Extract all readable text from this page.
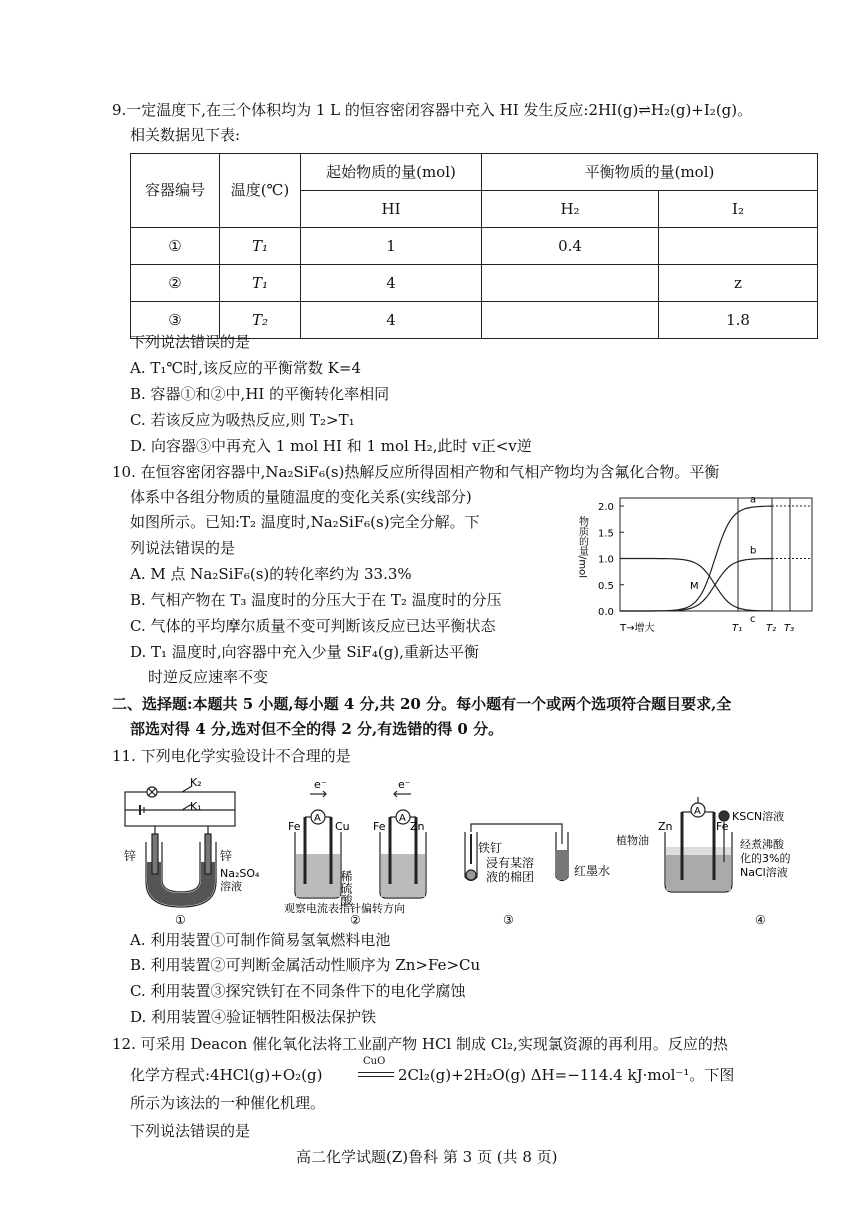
9.一定温度下,在三个体积均为 1 L 的恒容密闭容器中充入 HI 发生反应:2HI(g)⇌H₂(g)+I₂(g)。
相关数据见下表:
容器编号	温度(℃)	起始物质的量(mol)	平衡物质的量(mol)	
		HI	H₂	I₂
①	T₁	1	0.4	
②	T₁	4		z
③	T₂	4		1.8
下列说法错误的是
A. T₁℃时,该反应的平衡常数 K=4
B. 容器①和②中,HI 的平衡转化率相同
C. 若该反应为吸热反应,则 T₂>T₁
D. 向容器③中再充入 1 mol HI 和 1 mol H₂,此时 v正<v逆
10. 在恒容密闭容器中,Na₂SiF₆(s)热解反应所得固相产物和气相产物均为含氟化合物。平衡
体系中各组分物质的量随温度的变化关系(实线部分)
如图所示。已知:T₂ 温度时,Na₂SiF₆(s)完全分解。下
列说法错误的是
A. M 点 Na₂SiF₆(s)的转化率约为 33.3%
B. 气相产物在 T₃ 温度时的分压大于在 T₂ 温度时的分压
C. 气体的平均摩尔质量不变可判断该反应已达平衡状态
D. T₁ 温度时,向容器中充入少量 SiF₄(g),重新达平衡
时逆反应速率不变
0.0
0.5
1.0
1.5
2.0
物质的量/mol
T₁ T₂ T₃
T→增大
a
b
c
M
二、选择题:本题共 5 小题,每小题 4 分,共 20 分。每小题有一个或两个选项符合题目要求,全
部选对得 4 分,选对但不全的得 2 分,有选错的得 0 分。
11. 下列电化学实验设计不合理的是
K₂
K₁
锌	锌
Na₂SO₄
溶液
①
A	A
e⁻	e⁻
Fe	Cu Fe Zn
稀硫酸
观察电流表指针偏转方向
②
铁钉
浸有某溶
液的棉团	红墨水
③
A
Zn	Fe
KSCN溶液
植物油	经煮沸酸
化的3%的
NaCl溶液
④
A. 利用装置①可制作简易氢氧燃料电池
B. 利用装置②可判断金属活动性顺序为 Zn>Fe>Cu
C. 利用装置③探究铁钉在不同条件下的电化学腐蚀
D. 利用装置④验证牺牲阳极法保护铁
12. 可采用 Deacon 催化氧化法将工业副产物 HCl 制成 Cl₂,实现氯资源的再利用。反应的热
化学方程式:4HCl(g)+O₂(g)
CuO
2Cl₂(g)+2H₂O(g) ΔH=−114.4 kJ·mol⁻¹。下图
所示为该法的一种催化机理。
下列说法错误的是
高二化学试题(Z)鲁科 第 3 页 (共 8 页)
